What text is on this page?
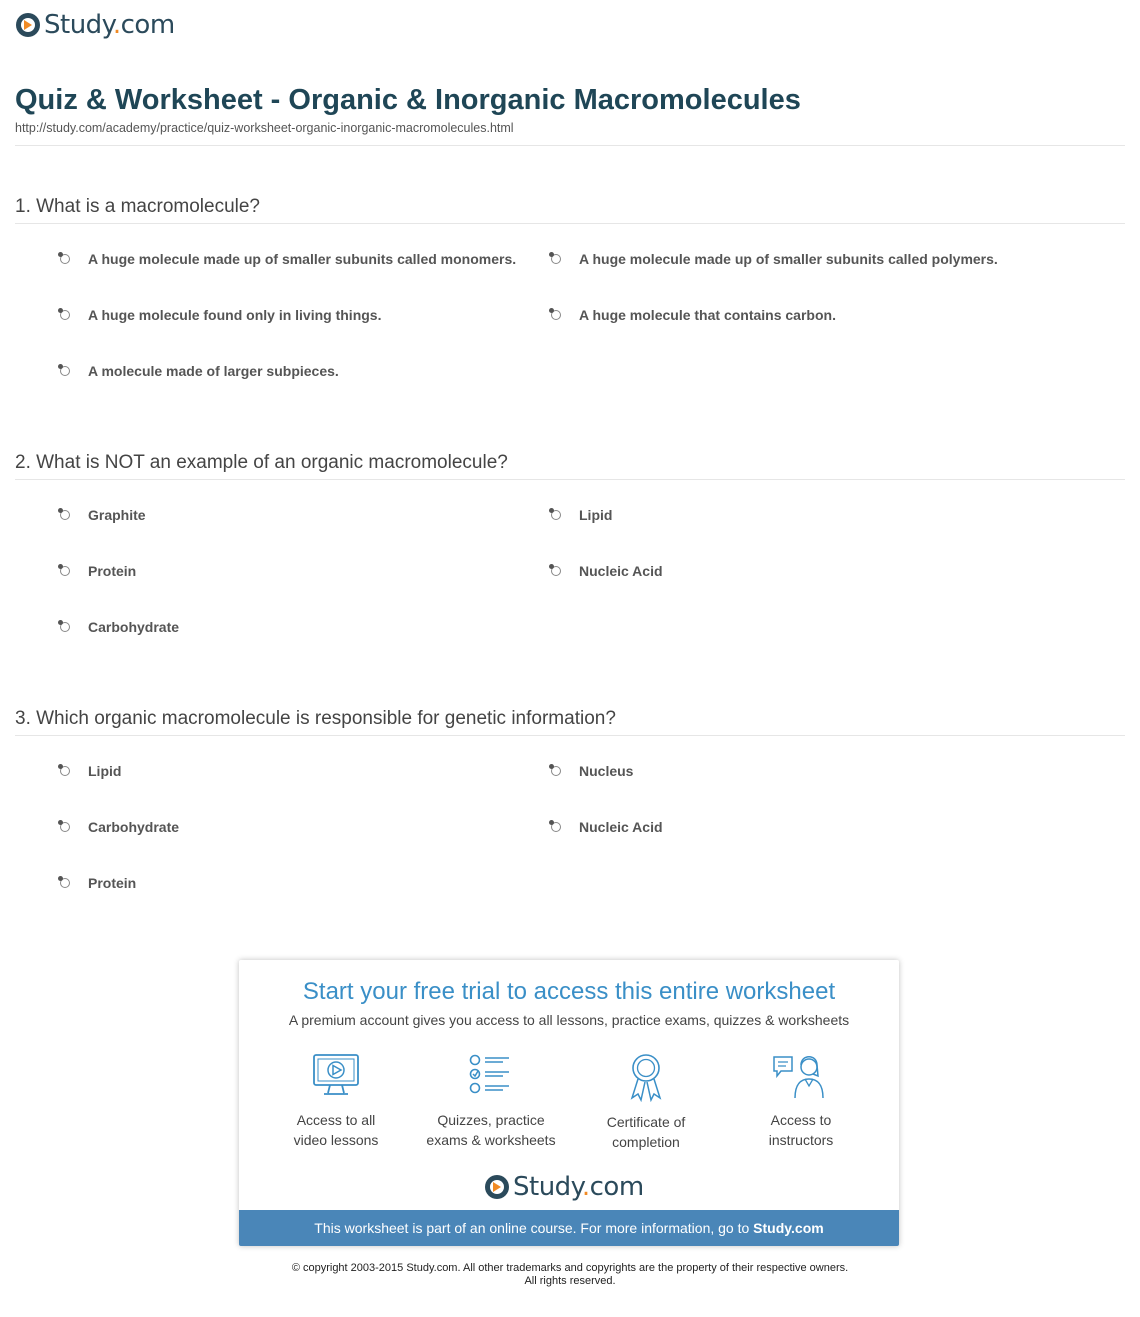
Study.com
Quiz & Worksheet - Organic & Inorganic Macromolecules
http://study.com/academy/practice/quiz-worksheet-organic-inorganic-macromolecules.html
1. What is a macromolecule?
A huge molecule made up of smaller subunits called monomers.	A huge molecule made up of smaller subunits called polymers.
A huge molecule found only in living things.	A huge molecule that contains carbon.
A molecule made of larger subpieces.
2. What is NOT an example of an organic macromolecule?
Graphite	Lipid
Protein	Nucleic Acid
Carbohydrate
3. Which organic macromolecule is responsible for genetic information?
Lipid	Nucleus
Carbohydrate	Nucleic Acid
Protein
Start your free trial to access this entire worksheet
A premium account gives you access to all lessons, practice exams, quizzes & worksheets
Access to all
video lessons
Quizzes, practice
exams & worksheets
Certificate of
completion
Access to
instructors
Study.com
This worksheet is part of an online course. For more information, go to Study.com
© copyright 2003-2015 Study.com. All other trademarks and copyrights are the property of their respective owners.
All rights reserved.
